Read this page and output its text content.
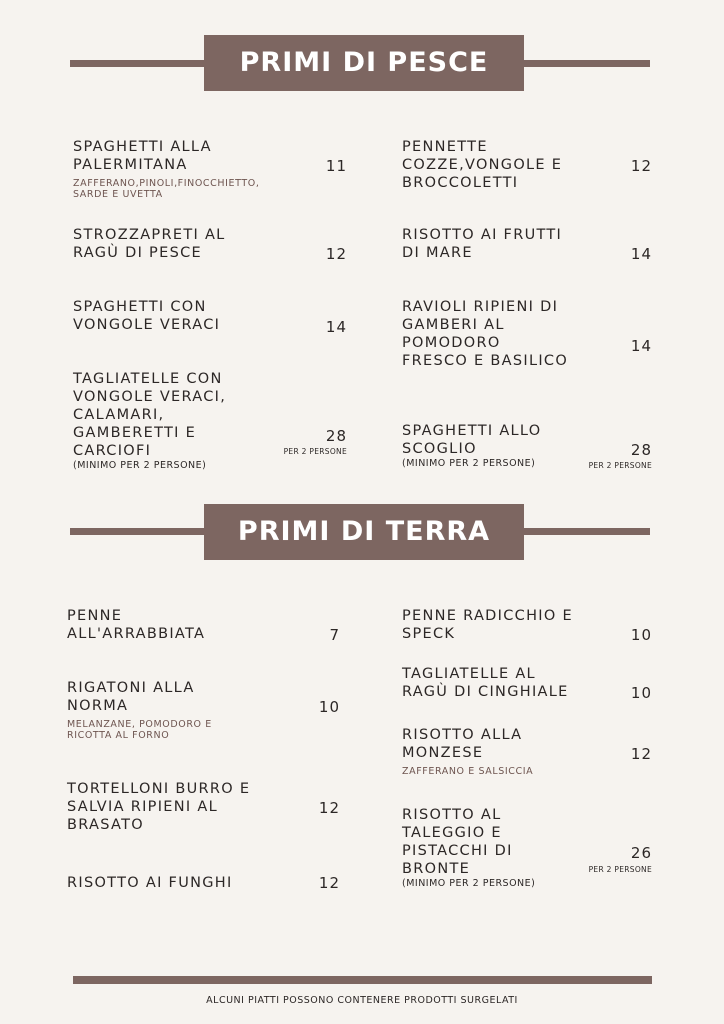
PRIMI DI PESCE
SPAGHETTI ALLA
PALERMITANA
ZAFFERANO,PINOLI,FINOCCHIETTO,
SARDE E UVETTA
11
STROZZAPRETI AL
RAGÙ DI PESCE	12
SPAGHETTI CON
VONGOLE VERACI	14
TAGLIATELLE CON
VONGOLE VERACI,
CALAMARI,
GAMBERETTI E
CARCIOFI
(MINIMO PER 2 PERSONE)
28
PER 2 PERSONE
PENNETTE
COZZE,VONGOLE E
BROCCOLETTI
12
RISOTTO AI FRUTTI
DI MARE	14
RAVIOLI RIPIENI DI
GAMBERI AL
POMODORO
FRESCO E BASILICO
14
SPAGHETTI ALLO
SCOGLIO
(MINIMO PER 2 PERSONE)
28
PER 2 PERSONE
PRIMI DI TERRA
PENNE
ALL'ARRABBIATA	7
RIGATONI ALLA
NORMA
MELANZANE, POMODORO E
RICOTTA AL FORNO
10
TORTELLONI BURRO E
SALVIA RIPIENI AL
BRASATO
12
RISOTTO AI FUNGHI	12
PENNE RADICCHIO E
SPECK	10
TAGLIATELLE AL
RAGÙ DI CINGHIALE	10
RISOTTO ALLA
MONZESE
ZAFFERANO E SALSICCIA
12
RISOTTO AL
TALEGGIO E
PISTACCHI DI
BRONTE
(MINIMO PER 2 PERSONE)
26
PER 2 PERSONE
ALCUNI PIATTI POSSONO CONTENERE PRODOTTI SURGELATI
